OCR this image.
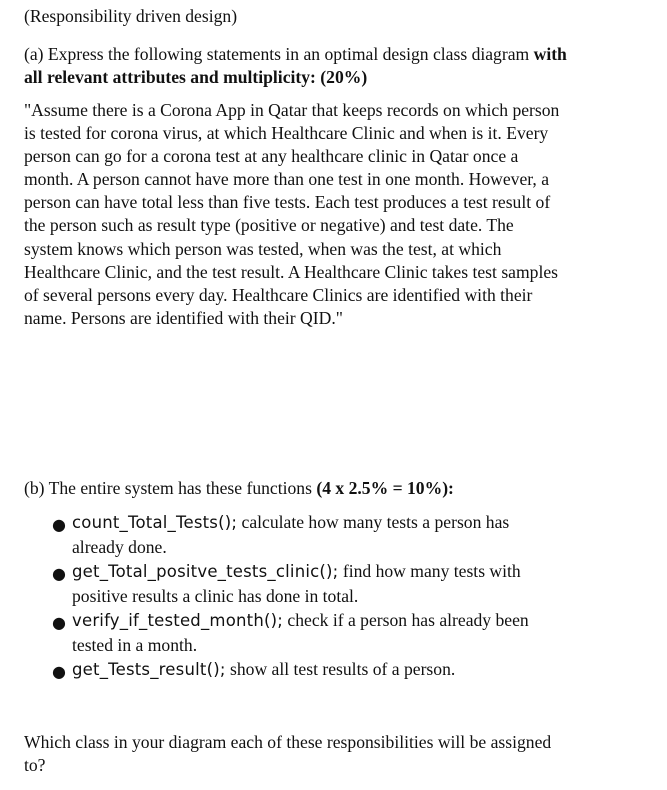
(Responsibility driven design)
(a) Express the following statements in an optimal design class diagram with
all relevant attributes and multiplicity: (20%)
"Assume there is a Corona App in Qatar that keeps records on which person
is tested for corona virus, at which Healthcare Clinic and when is it. Every
person can go for a corona test at any healthcare clinic in Qatar once a
month. A person cannot have more than one test in one month. However, a
person can have total less than five tests. Each test produces a test result of
the person such as result type (positive or negative) and test date. The
system knows which person was tested, when was the test, at which
Healthcare Clinic, and the test result. A Healthcare Clinic takes test samples
of several persons every day. Healthcare Clinics are identified with their
name. Persons are identified with their QID."
(b) The entire system has these functions (4 x 2.5% = 10%):
● count_Total_Tests(); calculate how many tests a person has
already done.
● get_Total_positve_tests_clinic(); find how many tests with
positive results a clinic has done in total.
● verify_if_tested_month(); check if a person has already been
tested in a month.
● get_Tests_result(); show all test results of a person.
Which class in your diagram each of these responsibilities will be assigned
to?
